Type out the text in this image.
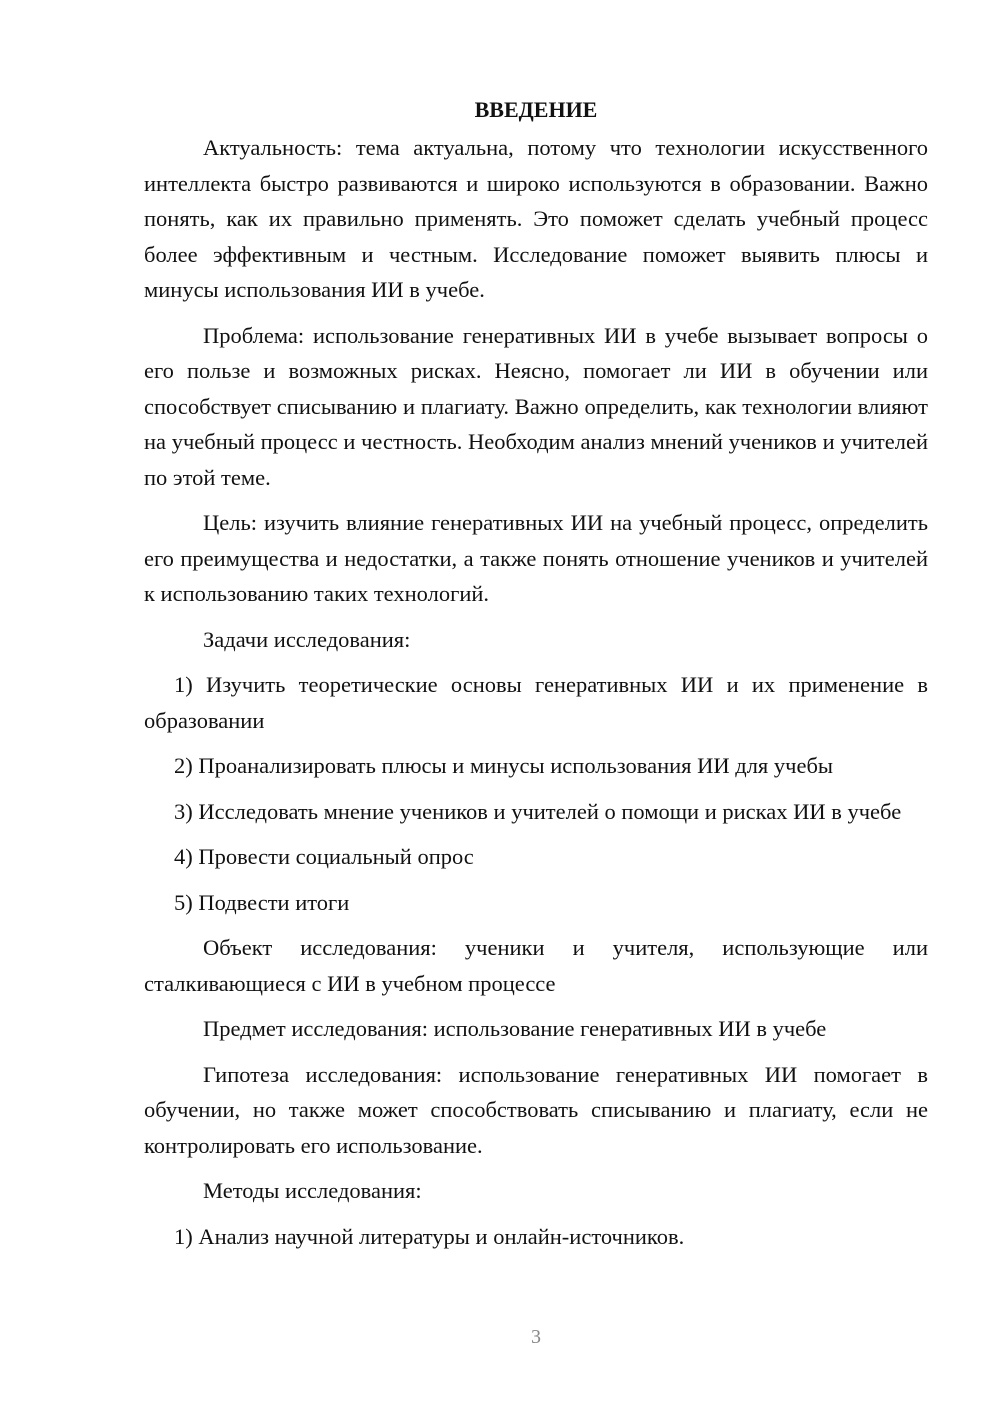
ВВЕДЕНИЕ

Актуальность: тема актуальна, потому что технологии искусственного интеллекта быстро развиваются и широко используются в образовании. Важно понять, как их правильно применять. Это поможет сделать учебный процесс более эффективным и честным. Исследование поможет выявить плюсы и минусы использования ИИ в учебе.

Проблема: использование генеративных ИИ в учебе вызывает вопросы о его пользе и возможных рисках. Неясно, помогает ли ИИ в обучении или способствует списыванию и плагиату. Важно определить, как технологии влияют на учебный процесс и честность. Необходим анализ мнений учеников и учителей по этой теме.

Цель: изучить влияние генеративных ИИ на учебный процесс, определить его преимущества и недостатки, а также понять отношение учеников и учителей к использованию таких технологий.

Задачи исследования:

1) Изучить теоретические основы генеративных ИИ и их применение в образовании

2) Проанализировать плюсы и минусы использования ИИ для учебы

3) Исследовать мнение учеников и учителей о помощи и рисках ИИ в учебе

4) Провести социальный опрос

5) Подвести итоги

Объект исследования: ученики и учителя, использующие или сталкивающиеся с ИИ в учебном процессе

Предмет исследования: использование генеративных ИИ в учебе

Гипотеза исследования: использование генеративных ИИ помогает в обучении, но также может способствовать списыванию и плагиату, если не контролировать его использование.

Методы исследования:

1) Анализ научной литературы и онлайн-источников.

3
